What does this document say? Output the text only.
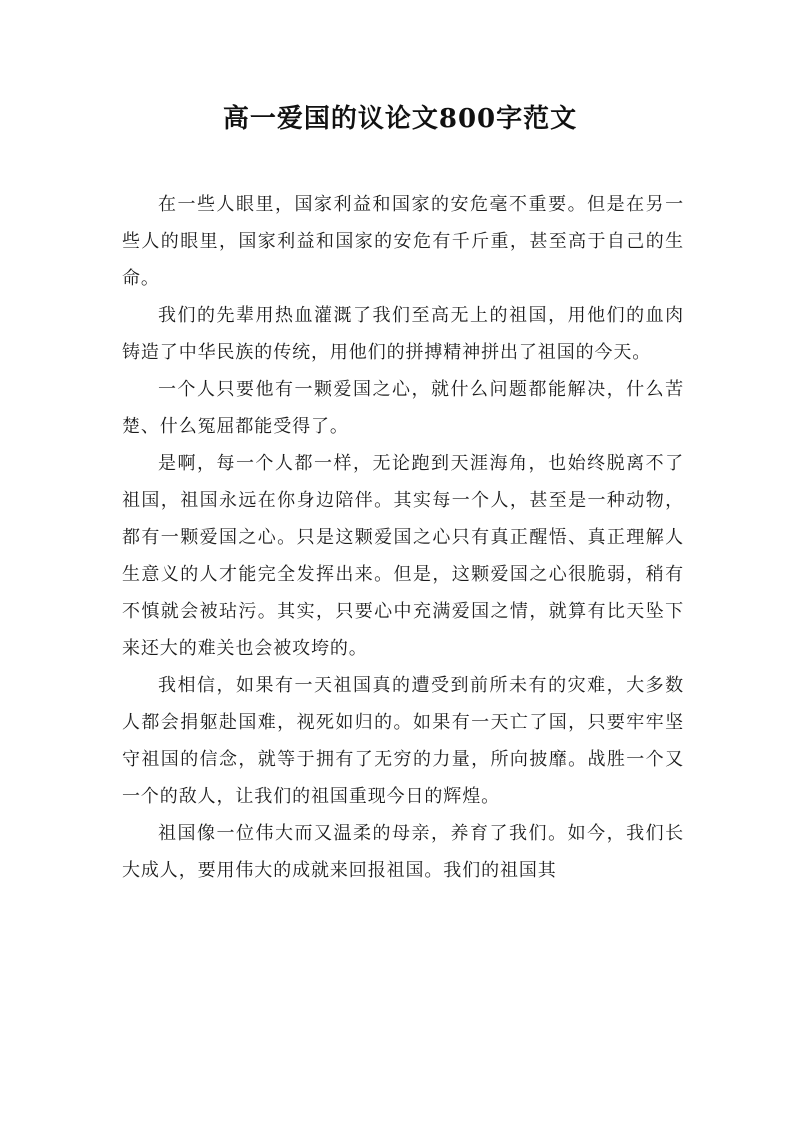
高一爱国的议论文800字范文

在一些人眼里，国家利益和国家的安危毫不重要。但是在另一些人的眼里，国家利益和国家的安危有千斤重，甚至高于自己的生命。

我们的先辈用热血灌溉了我们至高无上的祖国，用他们的血肉铸造了中华民族的传统，用他们的拼搏精神拼出了祖国的今天。

一个人只要他有一颗爱国之心，就什么问题都能解决，什么苦楚、什么冤屈都能受得了。

是啊，每一个人都一样，无论跑到天涯海角，也始终脱离不了祖国，祖国永远在你身边陪伴。其实每一个人，甚至是一种动物，都有一颗爱国之心。只是这颗爱国之心只有真正醒悟、真正理解人生意义的人才能完全发挥出来。但是，这颗爱国之心很脆弱，稍有不慎就会被玷污。其实，只要心中充满爱国之情，就算有比天坠下来还大的难关也会被攻垮的。

我相信，如果有一天祖国真的遭受到前所未有的灾难，大多数人都会捐躯赴国难，视死如归的。如果有一天亡了国，只要牢牢坚守祖国的信念，就等于拥有了无穷的力量，所向披靡。战胜一个又一个的敌人，让我们的祖国重现今日的辉煌。

祖国像一位伟大而又温柔的母亲，养育了我们。如今，我们长大成人，要用伟大的成就来回报祖国。我们的祖国其
